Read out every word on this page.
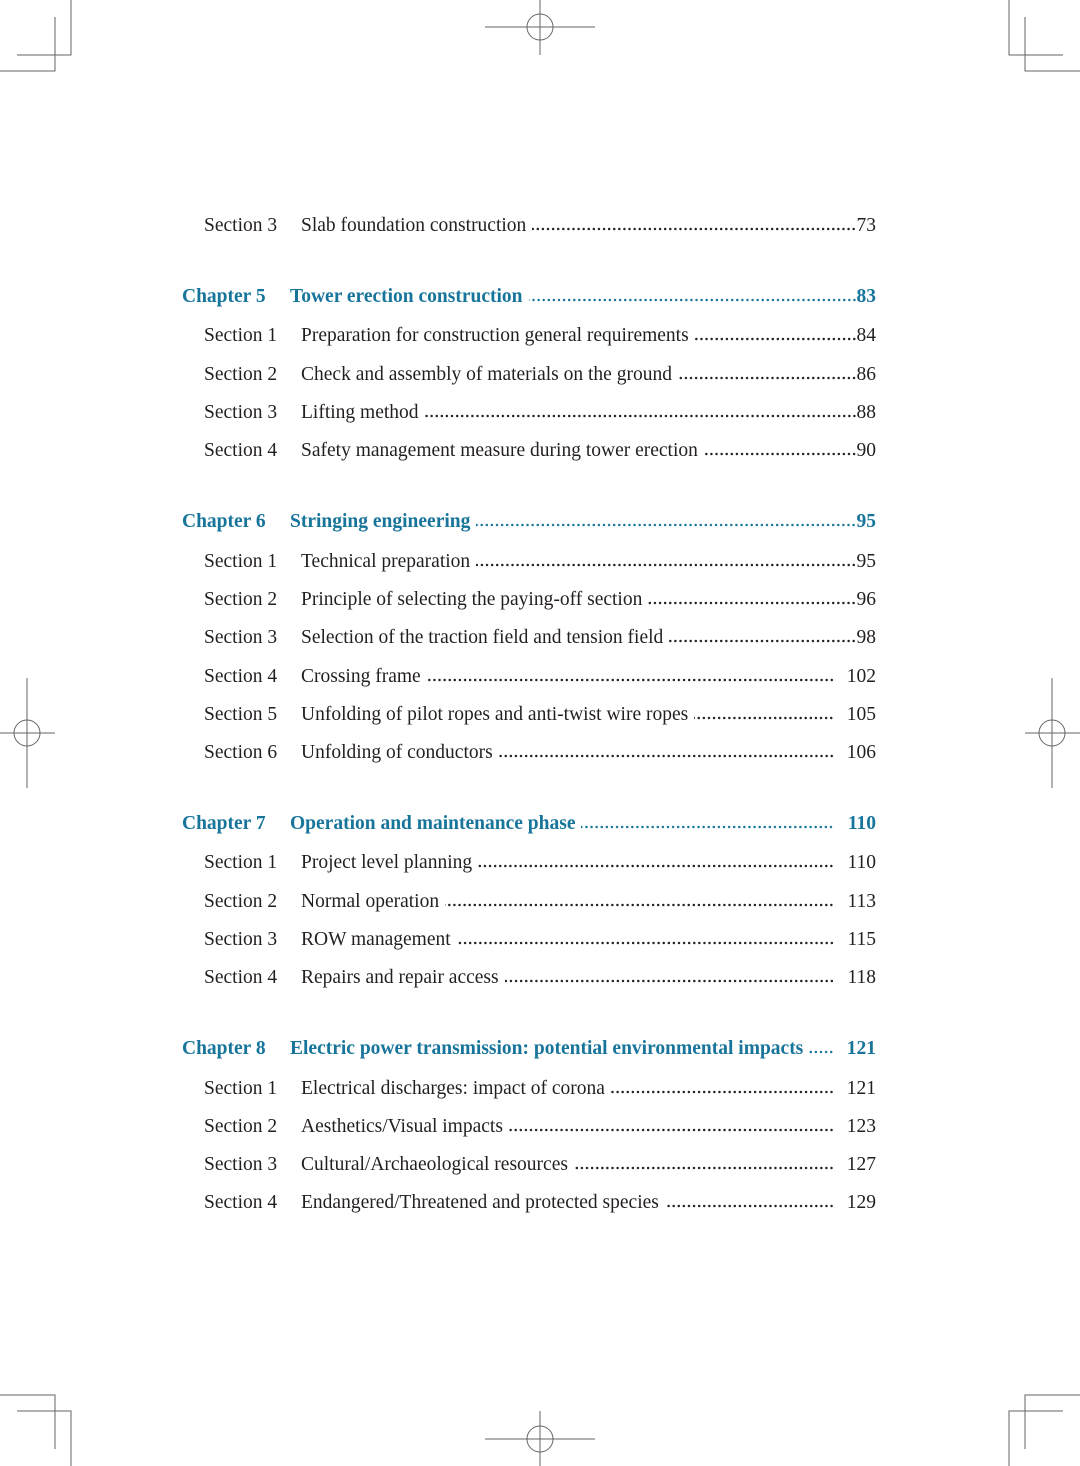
Section 3	Slab foundation construction	73
Chapter 5	Tower erection construction	83
Section 1	Preparation for construction general requirements	84
Section 2	Check and assembly of materials on the ground	86
Section 3	Lifting method	88
Section 4	Safety management measure during tower erection	90
Chapter 6	Stringing engineering	95
Section 1	Technical preparation	95
Section 2	Principle of selecting the paying-off section	96
Section 3	Selection of the traction field and tension field	98
Section 4	Crossing frame	102
Section 5	Unfolding of pilot ropes and anti-twist wire ropes	105
Section 6	Unfolding of conductors	106
Chapter 7	Operation and maintenance phase	110
Section 1	Project level planning	110
Section 2	Normal operation	113
Section 3	ROW management	115
Section 4	Repairs and repair access	118
Chapter 8	Electric power transmission: potential environmental impacts	121
Section 1	Electrical discharges: impact of corona	121
Section 2	Aesthetics/Visual impacts	123
Section 3	Cultural/Archaeological resources	127
Section 4	Endangered/Threatened and protected species	129
